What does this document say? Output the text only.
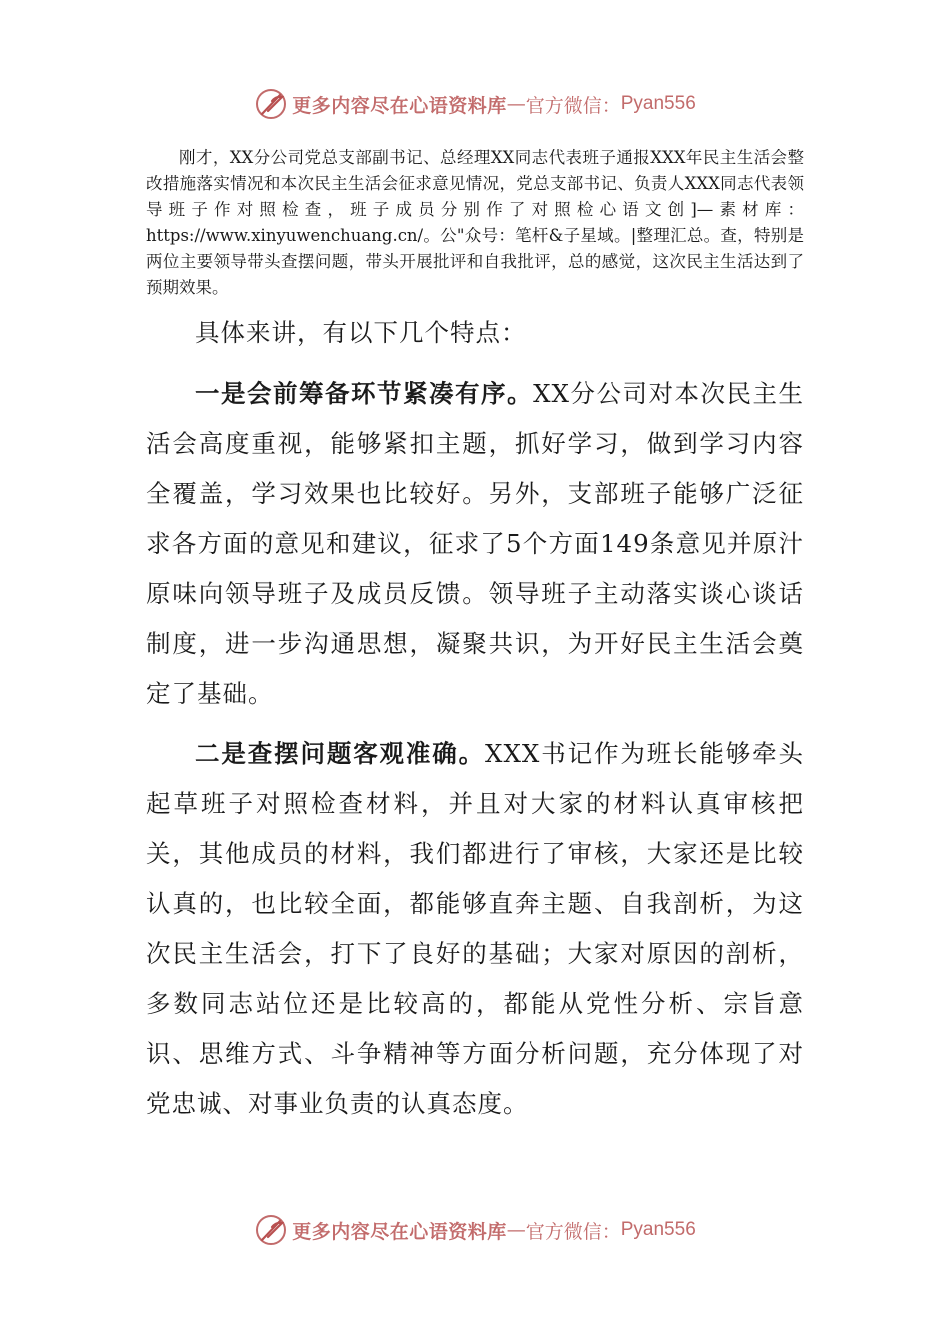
更多内容尽在心语资料库 — 官方微信： Pyan556

刚才，XX分公司党总支部副书记、总经理XX同志代表班子通报XXX年民主生活会整改措施落实情况和本次民主生活会征求意见情况，党总支部书记、负责人XXX同志代表领导班子作对照检查，班子成员分别作了对照检心语文创]—素材库：https://www.xinyuwenchuang.cn/。公"众号：笔杆&子星域。|整理汇总。查，特别是两位主要领导带头查摆问题，带头开展批评和自我批评，总的感觉，这次民主生活达到了预期效果。

具体来讲，有以下几个特点：

一是会前筹备环节紧凑有序。XX分公司对本次民主生活会高度重视，能够紧扣主题，抓好学习，做到学习内容全覆盖，学习效果也比较好。另外，支部班子能够广泛征求各方面的意见和建议，征求了5个方面149条意见并原汁原味向领导班子及成员反馈。领导班子主动落实谈心谈话制度，进一步沟通思想，凝聚共识，为开好民主生活会奠定了基础。

二是查摆问题客观准确。XXX书记作为班长能够牵头起草班子对照检查材料，并且对大家的材料认真审核把关，其他成员的材料，我们都进行了审核，大家还是比较认真的，也比较全面，都能够直奔主题、自我剖析，为这次民主生活会，打下了良好的基础；大家对原因的剖析，多数同志站位还是比较高的，都能从党性分析、宗旨意识、思维方式、斗争精神等方面分析问题，充分体现了对党忠诚、对事业负责的认真态度。

更多内容尽在心语资料库 — 官方微信： Pyan556
